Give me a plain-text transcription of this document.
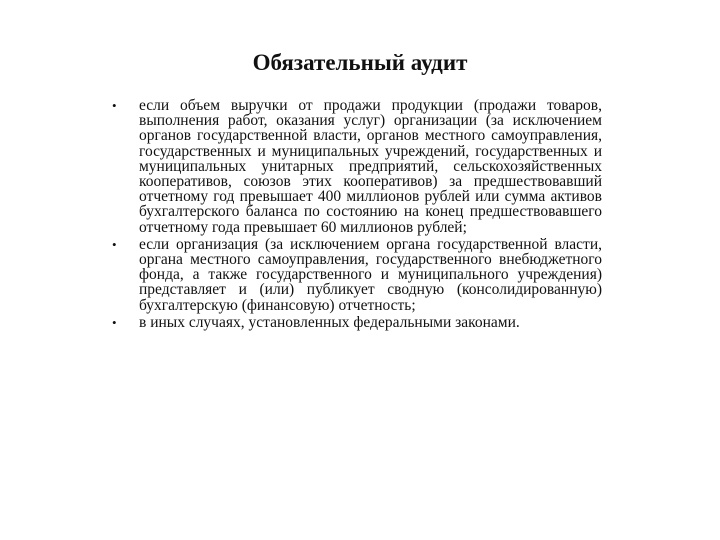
Обязательный аудит
•	если объем выручки от продажи продукции (продажи товаров, выполнения работ, оказания услуг) организации (за исключением органов государственной власти, органов местного самоуправления, государственных и муниципальных учреждений, государственных и муниципальных унитарных предприятий, сельскохозяйственных кооперативов, союзов этих кооперативов) за предшествовавший отчетному год превышает 400 миллионов рублей или сумма активов бухгалтерского баланса по состоянию на конец предшествовавшего отчетному года превышает 60 миллионов рублей;
•	если организация (за исключением органа государственной власти, органа местного самоуправления, государственного внебюджетного фонда, а также государственного и муниципального учреждения) представляет и (или) публикует сводную (консолидированную) бухгалтерскую (финансовую) отчетность;
•	в иных случаях, установленных федеральными законами.
